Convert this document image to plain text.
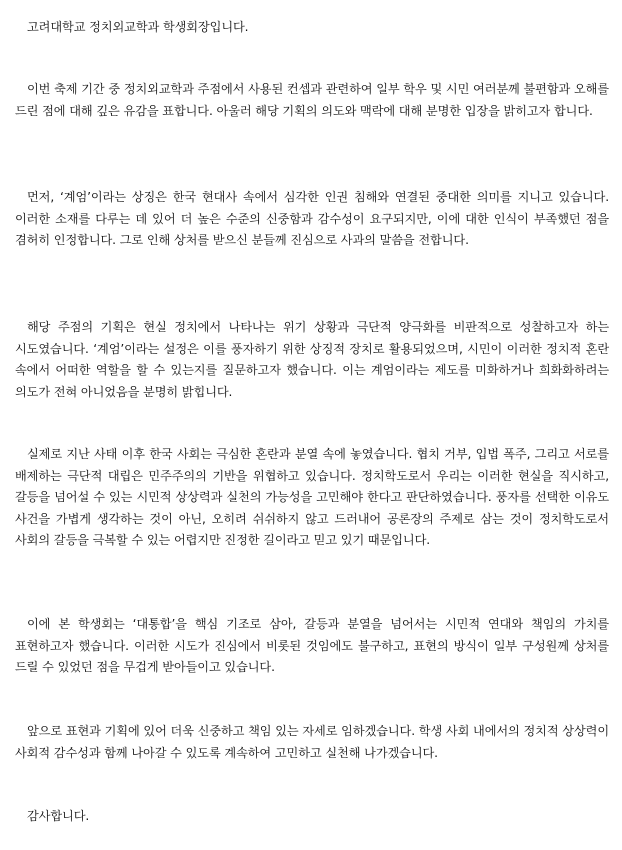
고려대학교 정치외교학과 학생회장입니다.

이번 축제 기간 중 정치외교학과 주점에서 사용된 컨셉과 관련하여 일부 학우 및 시민 여러분께 불편함과 오해를 드린 점에 대해 깊은 유감을 표합니다. 아울러 해당 기획의 의도와 맥락에 대해 분명한 입장을 밝히고자 합니다.

먼저, ‘계엄’이라는 상징은 한국 현대사 속에서 심각한 인권 침해와 연결된 중대한 의미를 지니고 있습니다. 이러한 소재를 다루는 데 있어 더 높은 수준의 신중함과 감수성이 요구되지만, 이에 대한 인식이 부족했던 점을 겸허히 인정합니다. 그로 인해 상처를 받으신 분들께 진심으로 사과의 말씀을 전합니다.

해당 주점의 기획은 현실 정치에서 나타나는 위기 상황과 극단적 양극화를 비판적으로 성찰하고자 하는 시도였습니다. ‘계엄’이라는 설정은 이를 풍자하기 위한 상징적 장치로 활용되었으며, 시민이 이러한 정치적 혼란 속에서 어떠한 역할을 할 수 있는지를 질문하고자 했습니다. 이는 계엄이라는 제도를 미화하거나 희화화하려는 의도가 전혀 아니었음을 분명히 밝힙니다.

실제로 지난 사태 이후 한국 사회는 극심한 혼란과 분열 속에 놓였습니다. 협치 거부, 입법 폭주, 그리고 서로를 배제하는 극단적 대립은 민주주의의 기반을 위협하고 있습니다. 정치학도로서 우리는 이러한 현실을 직시하고, 갈등을 넘어설 수 있는 시민적 상상력과 실천의 가능성을 고민해야 한다고 판단하였습니다. 풍자를 선택한 이유도 사건을 가볍게 생각하는 것이 아닌, 오히려 쉬쉬하지 않고 드러내어 공론장의 주제로 삼는 것이 정치학도로서 사회의 갈등을 극복할 수 있는 어렵지만 진정한 길이라고 믿고 있기 때문입니다.

이에 본 학생회는 ‘대통합’을 핵심 기조로 삼아, 갈등과 분열을 넘어서는 시민적 연대와 책임의 가치를 표현하고자 했습니다. 이러한 시도가 진심에서 비롯된 것임에도 불구하고, 표현의 방식이 일부 구성원께 상처를 드릴 수 있었던 점을 무겁게 받아들이고 있습니다.

앞으로 표현과 기획에 있어 더욱 신중하고 책임 있는 자세로 임하겠습니다. 학생 사회 내에서의 정치적 상상력이 사회적 감수성과 함께 나아갈 수 있도록 계속하여 고민하고 실천해 나가겠습니다.

감사합니다.
